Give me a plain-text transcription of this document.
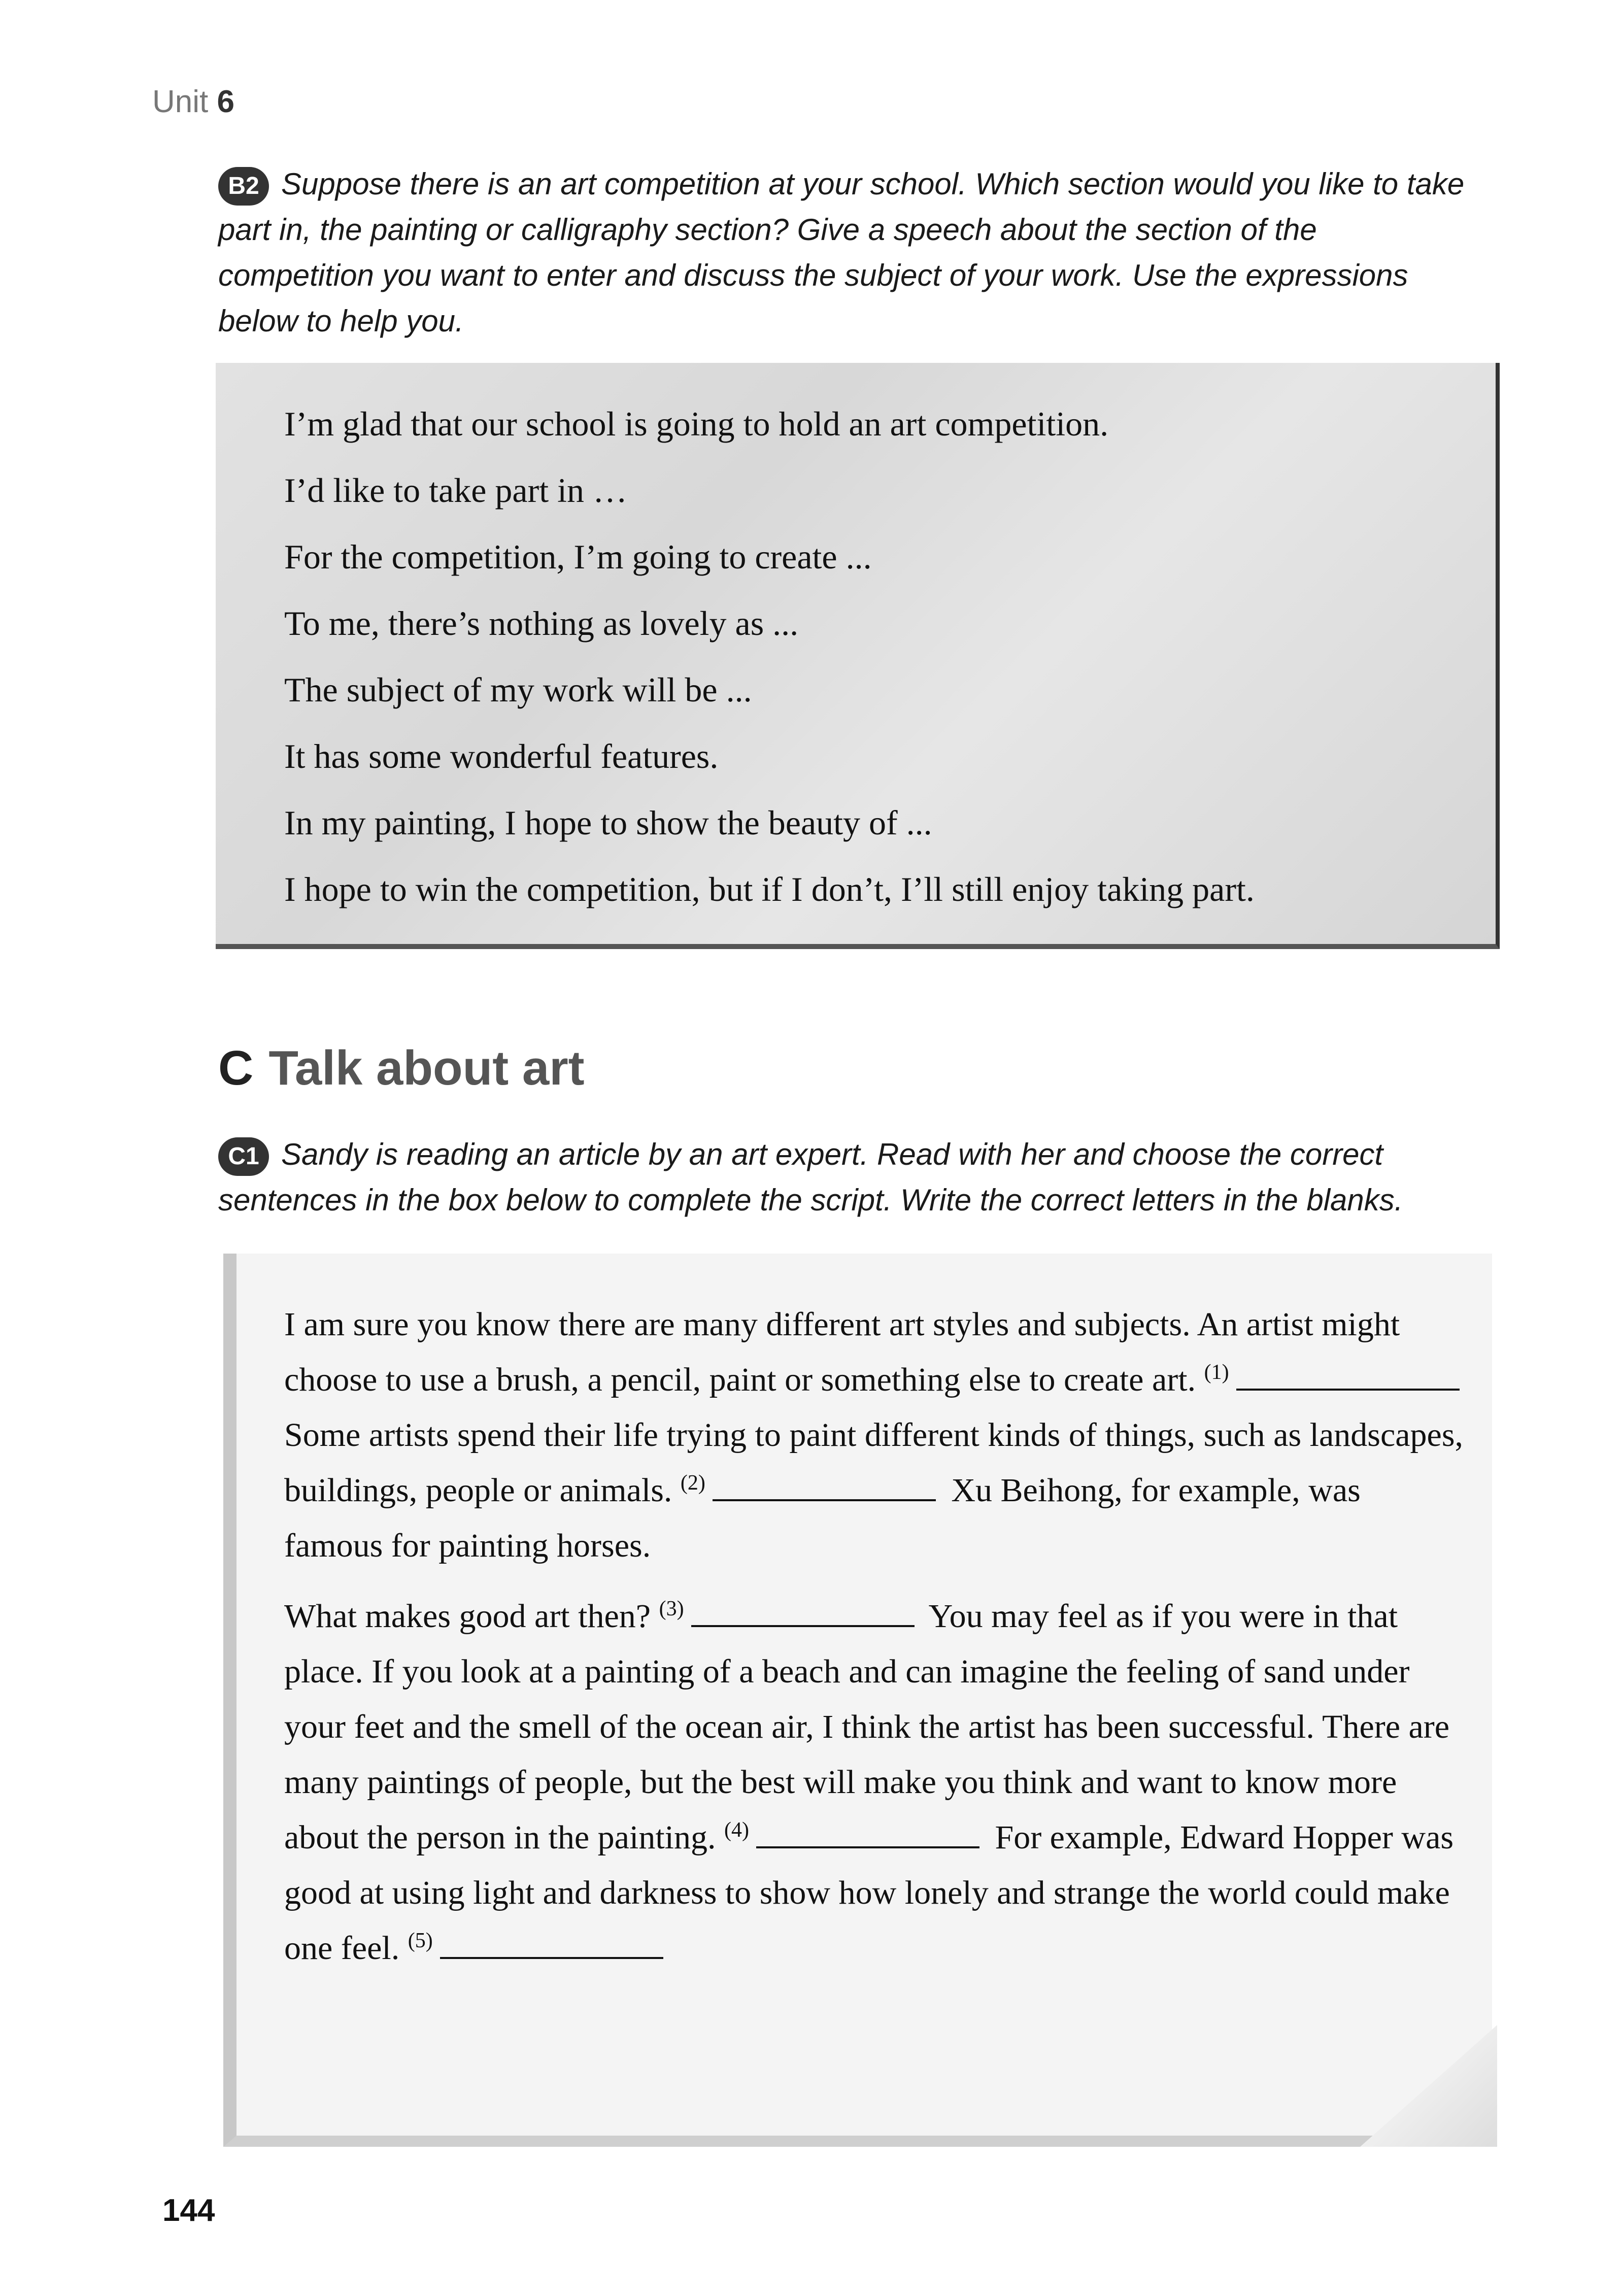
Unit 6
B2 Suppose there is an art competition at your school. Which section would you like to take part in, the painting or calligraphy section? Give a speech about the section of the competition you want to enter and discuss the subject of your work. Use the expressions below to help you.
I’m glad that our school is going to hold an art competition.
I’d like to take part in …
For the competition, I’m going to create ...
To me, there’s nothing as lovely as ...
The subject of my work will be ...
It has some wonderful features.
In my painting, I hope to show the beauty of ...
I hope to win the competition, but if I don’t, I’ll still enjoy taking part.
C Talk about art
C1 Sandy is reading an article by an art expert. Read with her and choose the correct sentences in the box below to complete the script. Write the correct letters in the blanks.

I am sure you know there are many different art styles and subjects. An artist might choose to use a brush, a pencil, paint or something else to create art. $^{(1)}$ Some artists spend their life trying to paint different kinds of things, such as landscapes, buildings, people or animals. $^{(2)}$	Xu Beihong, for example, was famous for painting horses.

What makes good art then? $^{(3)}$	You may feel as if you were in that place. If you look at a painting of a beach and can imagine the feeling of sand under your feet and the smell of the ocean air, I think the artist has been successful. There are many paintings of people, but the best will make you think and want to know more about the person in the painting. $^{(4)}$	For example, Edward Hopper was good at using light and darkness to show how lonely and strange the world could make one feel. $^{(5)}$

144
